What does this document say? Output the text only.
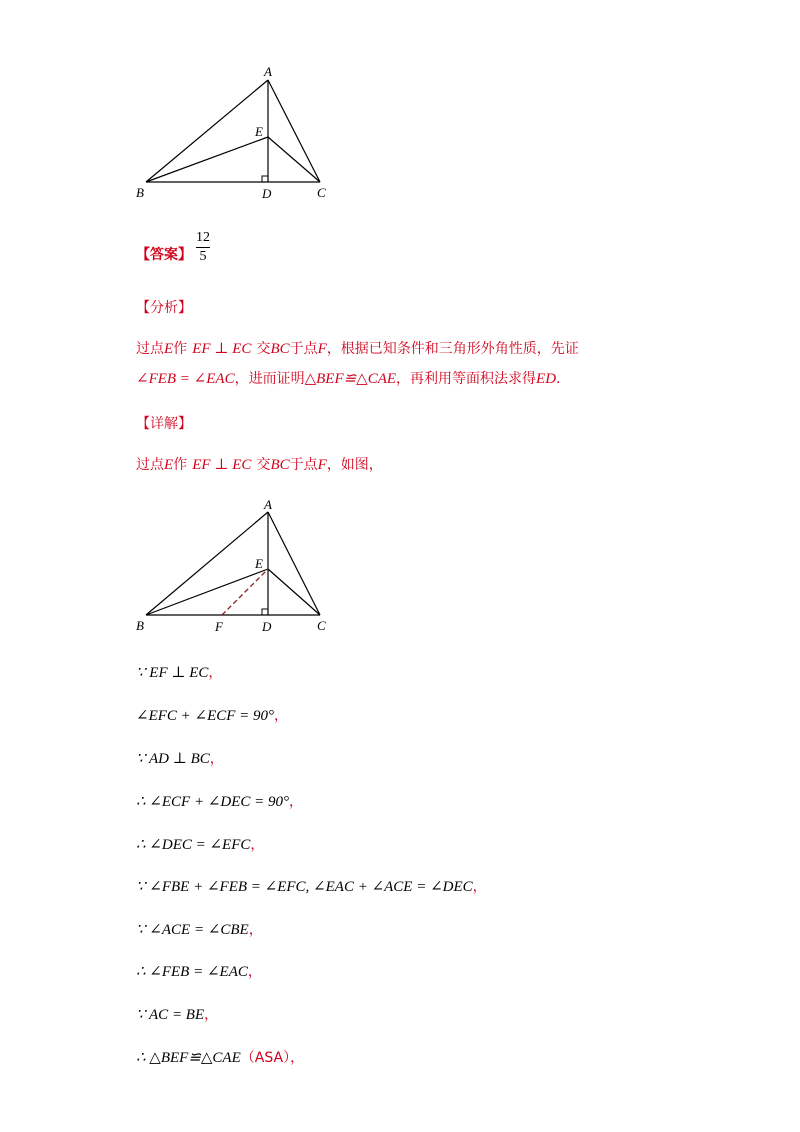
A
E
B	D	C
【答案】
12
5
【分析】
过点E作 EF ⊥ EC 交BC于点F，根据已知条件和三角形外角性质，先证
∠FEB = ∠EAC，进而证明△BEF≌△CAE，再利用等面积法求得ED.
【详解】
过点E作 EF ⊥ EC 交BC于点F，如图，
A
E
B	F	D	C
∵ EF ⊥ EC，
∠EFC + ∠ECF = 90°，
∵ AD ⊥ BC，
∴ ∠ECF + ∠DEC = 90°，
∴ ∠DEC = ∠EFC，
∵ ∠FBE + ∠FEB = ∠EFC, ∠EAC + ∠ACE = ∠DEC，
∵ ∠ACE = ∠CBE，
∴ ∠FEB = ∠EAC，
∵ AC = BE，
∴ △BEF≌△CAE（ASA），
